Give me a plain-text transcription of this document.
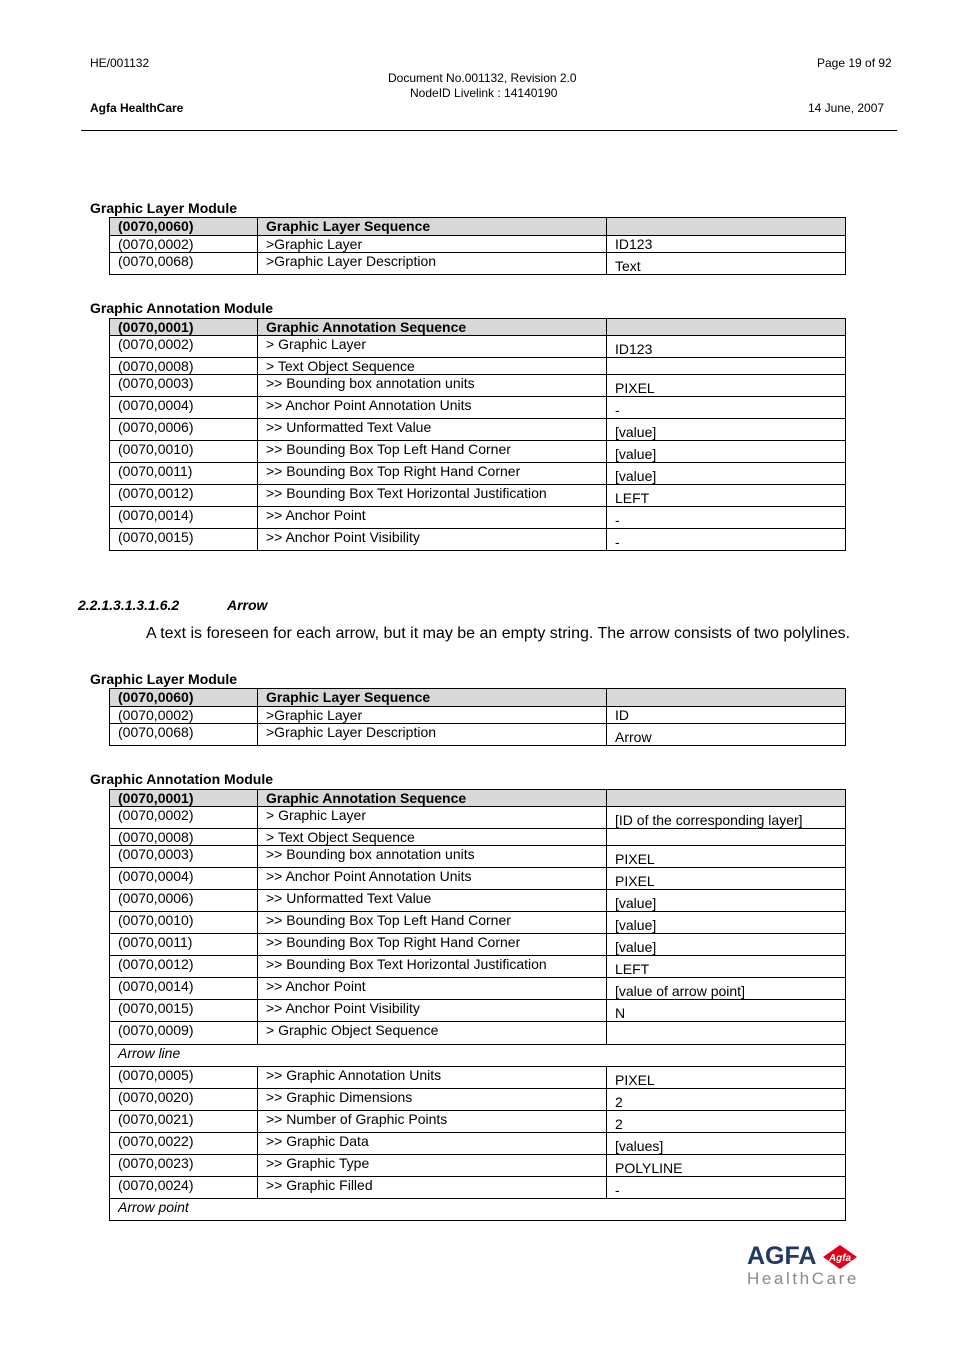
HE/001132	Page 19 of 92
Document No.001132, Revision 2.0
NodeID Livelink : 14140190
Agfa HealthCare	14 June, 2007
Graphic Layer Module
(0070,0060)	Graphic Layer Sequence	
(0070,0002)	>Graphic Layer	ID123
(0070,0068)	>Graphic Layer Description	Text
Graphic Annotation Module
(0070,0001)	Graphic Annotation Sequence	
(0070,0002)	> Graphic Layer	ID123
(0070,0008)	> Text Object Sequence	
(0070,0003)	>> Bounding box annotation units	PIXEL
(0070,0004)	>> Anchor Point Annotation Units	-
(0070,0006)	>> Unformatted Text Value	[value]
(0070,0010)	>> Bounding Box Top Left Hand Corner	[value]
(0070,0011)	>> Bounding Box Top Right Hand Corner	[value]
(0070,0012)	>> Bounding Box Text Horizontal Justification	LEFT
(0070,0014)	>> Anchor Point	-
(0070,0015)	>> Anchor Point Visibility	-
2.2.1.3.1.3.1.6.2	Arrow
A text is foreseen for each arrow, but it may be an empty string. The arrow consists of two polylines.
Graphic Layer Module
(0070,0060)	Graphic Layer Sequence	
(0070,0002)	>Graphic Layer	ID
(0070,0068)	>Graphic Layer Description	Arrow
Graphic Annotation Module
(0070,0001)	Graphic Annotation Sequence	
(0070,0002)	> Graphic Layer	[ID of the corresponding layer]
(0070,0008)	> Text Object Sequence	
(0070,0003)	>> Bounding box annotation units	PIXEL
(0070,0004)	>> Anchor Point Annotation Units	PIXEL
(0070,0006)	>> Unformatted Text Value	[value]
(0070,0010)	>> Bounding Box Top Left Hand Corner	[value]
(0070,0011)	>> Bounding Box Top Right Hand Corner	[value]
(0070,0012)	>> Bounding Box Text Horizontal Justification	LEFT
(0070,0014)	>> Anchor Point	[value of arrow point]
(0070,0015)	>> Anchor Point Visibility	N
(0070,0009)	> Graphic Object Sequence	
Arrow line		
(0070,0005)	>> Graphic Annotation Units	PIXEL
(0070,0020)	>> Graphic Dimensions	2
(0070,0021)	>> Number of Graphic Points	2
(0070,0022)	>> Graphic Data	[values]
(0070,0023)	>> Graphic Type	POLYLINE
(0070,0024)	>> Graphic Filled	-
Arrow point		
AGFA Agfa
HealthCare
